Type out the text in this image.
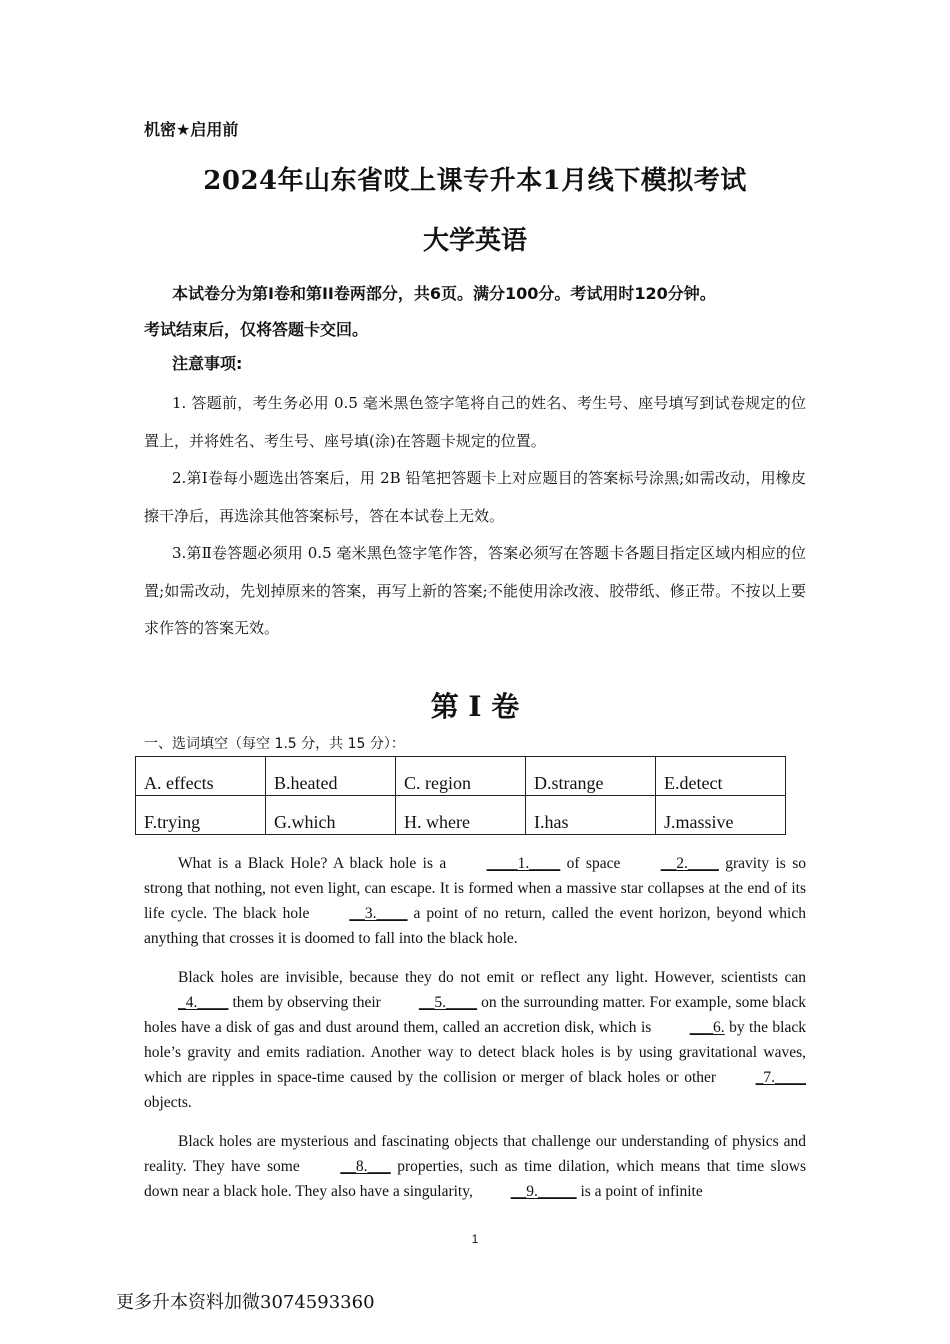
机密★启用前
2024年山东省哎上课专升本1月线下模拟考试
大学英语
本试卷分为第I卷和第II卷两部分，共6页。满分100分。考试用时120分钟。
考试结束后，仅将答题卡交回。
注意事项:

1. 答题前，考生务必用 0.5 毫米黑色签字笔将自己的姓名、考生号、座号填写到试卷规定的位置上，并将姓名、考生号、座号填(涂)在答题卡规定的位置。

2.第Ⅰ卷每小题选出答案后，用 2B 铅笔把答题卡上对应题目的答案标号涂黑;如需改动，用橡皮擦干净后，再选涂其他答案标号，答在本试卷上无效。

3.第Ⅱ卷答题必须用 0.5 毫米黑色签字笔作答，答案必须写在答题卡各题目指定区域内相应的位置;如需改动，先划掉原来的答案，再写上新的答案;不能使用涂改液、胶带纸、修正带。不按以上要求作答的答案无效。

第 I 卷
一、选词填空（每空 1.5 分，共 15 分）：
A. effects	B.heated	C. region	D.strange	E.detect
F.trying	G.which	H. where	I.has	J.massive

What is a Black Hole? A black hole is a ____1.____ of space __2.____ gravity is so strong that nothing, not even light, can escape. It is formed when a massive star collapses at the end of its life cycle. The black hole __3.____ a point of no return, called the event horizon, beyond which anything that crosses it is doomed to fall into the black hole.

Black holes are invisible, because they do not emit or reflect any light. However, scientists can _4.____ them by observing their __5.____ on the surrounding matter. For example, some black holes have a disk of gas and dust around them, called an accretion disk, which is ___6. by the black hole’s gravity and emits radiation. Another way to detect black holes is by using gravitational waves, which are ripples in space-time caused by the collision or merger of black holes or other _7.____ objects.

Black holes are mysterious and fascinating objects that challenge our understanding of physics and reality. They have some __8.___ properties, such as time dilation, which means that time slows down near a black hole. They also have a singularity, __9._____ is a point of infinite

1
更多升本资料加微3074593360
